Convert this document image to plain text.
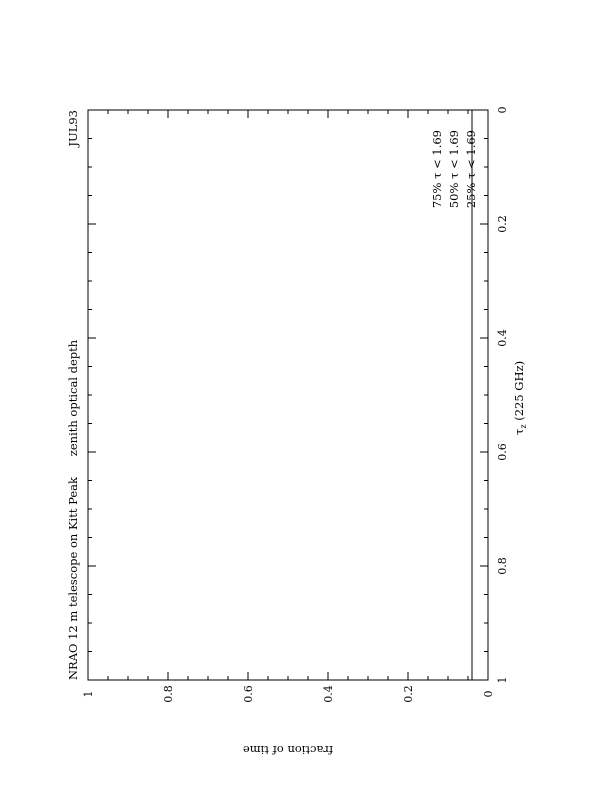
0
0.2
0.4
0.6
0.8
1
0
0.2
0.4
0.6
0.8
1
NRAO 12 m telescope on Kitt Peak
zenith optical depth
JUL93
75% τ < 1.69 50% τ < 1.69 25% τ < 1.69
$\tau_z$ (225 GHz)
fraction of time
